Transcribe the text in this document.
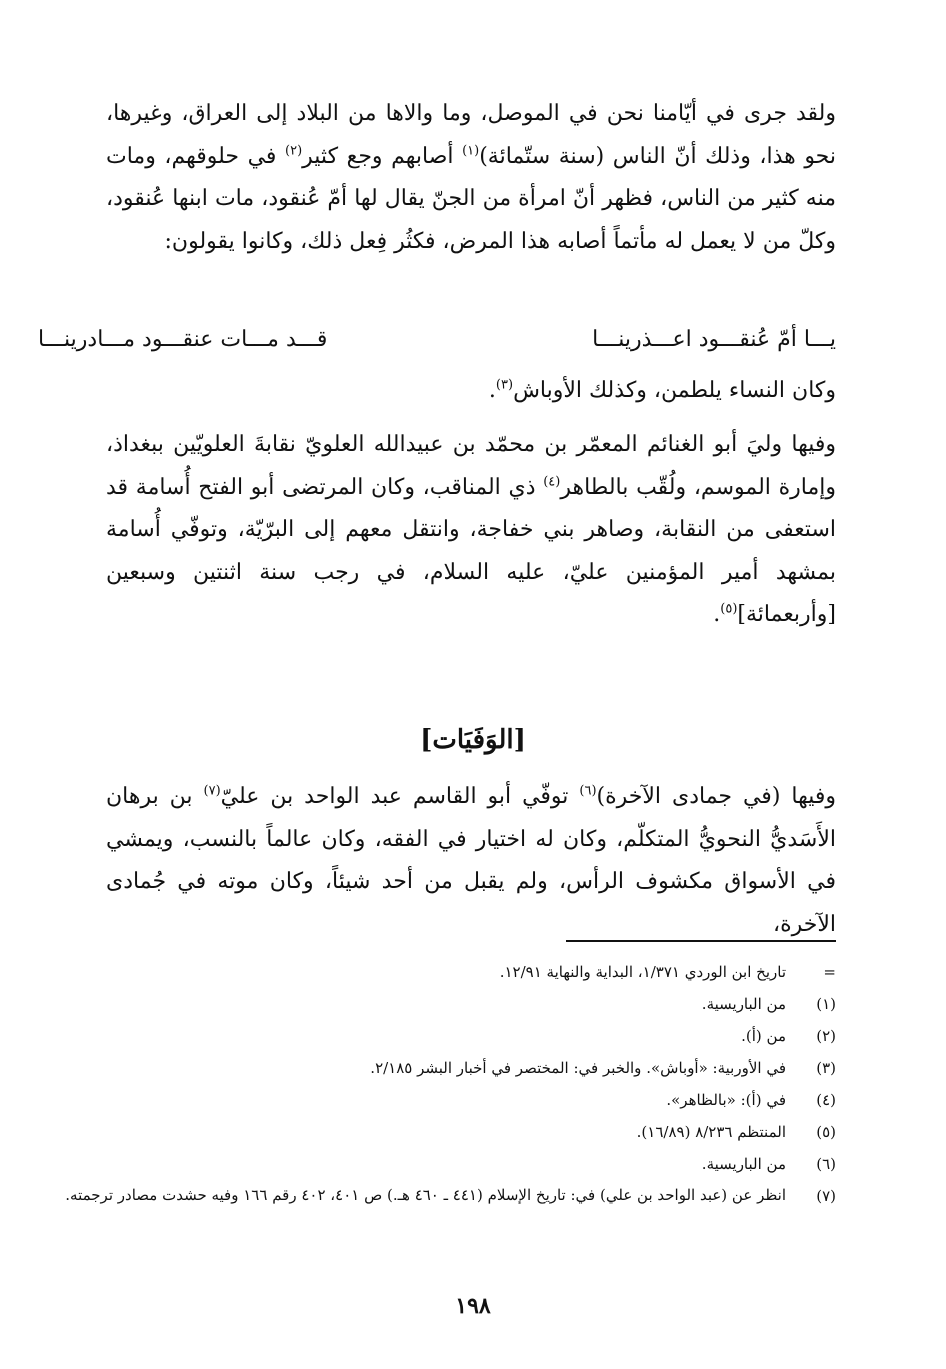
ولقد جرى في أيّامنا نحن في الموصل، وما والاها من البلاد إلى العراق، وغيرها، نحو هذا، وذلك أنّ الناس (سنة ستّمائة)$^{(١)}$ أصابهم وجع كثير$^{(٢)}$ في حلوقهم، ومات منه كثير من الناس، فظهر أنّ امرأة من الجنّ يقال لها أمّ عُنقود، مات ابنها عُنقود، وكلّ من لا يعمل له مأتماً أصابه هذا المرض، فكثُر فِعل ذلك، وكانوا يقولون:

يـــا أمّ عُنقـــود اعـــذرينـــا
قـــد مـــات عنقـــود مـــادرينـــا

وكان النساء يلطمن، وكذلك الأوباش$^{(٣)}$.

وفيها وليَ أبو الغنائم المعمّر بن محمّد بن عبيدالله العلويّ نقابةَ العلويّين ببغداذ، وإمارة الموسم، ولُقّب بالطاهر$^{(٤)}$ ذي المناقب، وكان المرتضى أبو الفتح أُسامة قد استعفى من النقابة، وصاهر بني خفاجة، وانتقل معهم إلى البرّيّة، وتوفّي أُسامة بمشهد أمير المؤمنين عليّ، عليه السلام، في رجب سنة اثنتين وسبعين [وأربعمائة]$^{(٥)}$.

[الوَفَيَات]

وفيها (في جمادى الآخرة)$^{(٦)}$ توفّي أبو القاسم عبد الواحد بن عليّ$^{(٧)}$ بن برهان الأَسَديُّ النحويُّ المتكلّم، وكان له اختيار في الفقه، وكان عالماً بالنسب، ويمشي في الأسواق مكشوف الرأس، ولم يقبل من أحد شيئاً، وكان موته في جُمادى الآخرة،

=
تاريخ ابن الوردي ١/٣٧١، البداية والنهاية ١٢/٩١.
(١)
من الباريسية.
(٢)
من (أ).
(٣)
في الأوربية: «أوباش». والخبر في: المختصر في أخبار البشر ٢/١٨٥.
(٤)
في (أ): «بالظاهر».
(٥)
المنتظم ٨/٢٣٦ (١٦/٨٩).
(٦)
من الباريسية.
(٧)
انظر عن (عبد الواحد بن علي) في: تاريخ الإسلام (٤٤١ ـ ٤٦٠ هـ.) ص ٤٠١، ٤٠٢ رقم ١٦٦ وفيه حشدت مصادر ترجمته.
١٩٨
